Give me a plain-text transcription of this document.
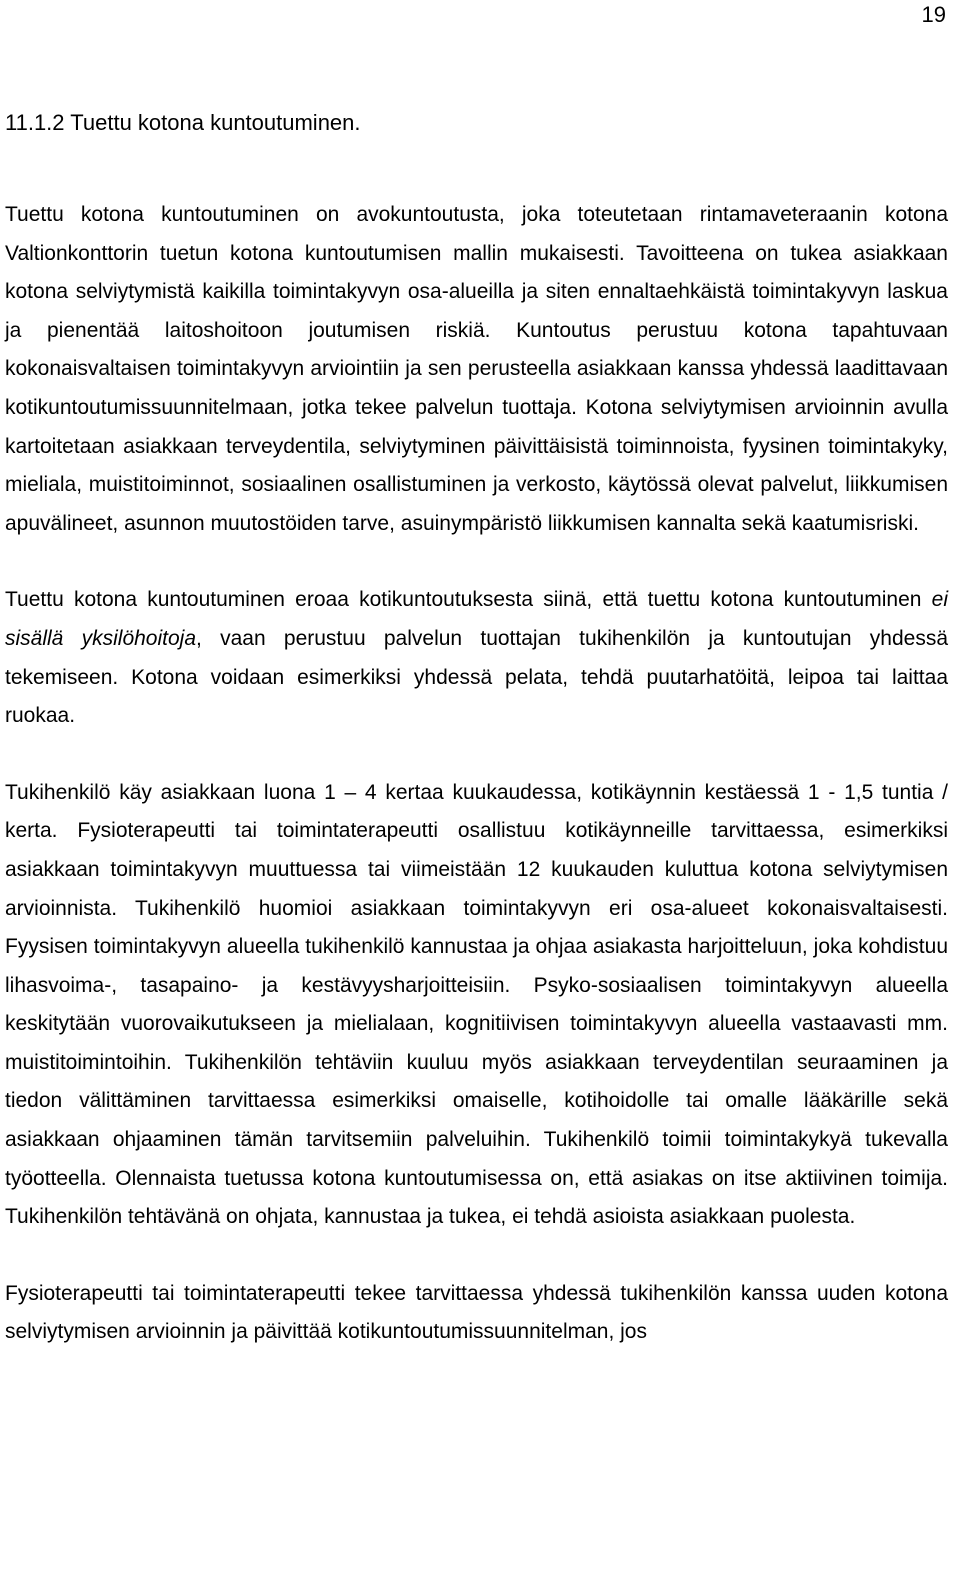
19
11.1.2 Tuettu kotona kuntoutuminen.

Tuettu kotona kuntoutuminen on avokuntoutusta, joka toteutetaan rintamaveteraanin kotona Valtionkonttorin tuetun kotona kuntoutumisen mallin mukaisesti. Tavoitteena on tukea asiakkaan kotona selviytymistä kaikilla toimintakyvyn osa-alueilla ja siten ennaltaehkäistä toimintakyvyn laskua ja pienentää laitoshoitoon joutumisen riskiä. Kuntoutus perustuu kotona tapahtuvaan kokonaisvaltaisen toimintakyvyn arviointiin ja sen perusteella asiakkaan kanssa yhdessä laadittavaan kotikuntoutumissuunnitelmaan, jotka tekee palvelun tuottaja. Kotona selviytymisen arvioinnin avulla kartoitetaan asiakkaan terveydentila, selviytyminen päivittäisistä toiminnoista, fyysinen toimintakyky, mieliala, muistitoiminnot, sosiaalinen osallistuminen ja verkosto, käytössä olevat palvelut, liikkumisen apuvälineet, asunnon muutostöiden tarve, asuinympäristö liikkumisen kannalta sekä kaatumisriski.

Tuettu kotona kuntoutuminen eroaa kotikuntoutuksesta siinä, että tuettu kotona kuntoutuminen ei sisällä yksilöhoitoja, vaan perustuu palvelun tuottajan tukihenkilön ja kuntoutujan yhdessä tekemiseen. Kotona voidaan esimerkiksi yhdessä pelata, tehdä puutarhatöitä, leipoa tai laittaa ruokaa.

Tukihenkilö käy asiakkaan luona 1 – 4 kertaa kuukaudessa, kotikäynnin kestäessä 1 - 1,5 tuntia / kerta. Fysioterapeutti tai toimintaterapeutti osallistuu kotikäynneille tarvittaessa, esimerkiksi asiakkaan toimintakyvyn muuttuessa tai viimeistään 12 kuukauden kuluttua kotona selviytymisen arvioinnista. Tukihenkilö huomioi asiakkaan toimintakyvyn eri osa-alueet kokonaisvaltaisesti. Fyysisen toimintakyvyn alueella tukihenkilö kannustaa ja ohjaa asiakasta harjoitteluun, joka kohdistuu lihasvoima-, tasapaino- ja kestävyysharjoitteisiin. Psyko-sosiaalisen toimintakyvyn alueella keskitytään vuorovaikutukseen ja mielialaan, kognitiivisen toimintakyvyn alueella vastaavasti mm. muistitoimintoihin. Tukihenkilön tehtäviin kuuluu myös asiakkaan terveydentilan seuraaminen ja tiedon välittäminen tarvittaessa esimerkiksi omaiselle, kotihoidolle tai omalle lääkärille sekä asiakkaan ohjaaminen tämän tarvitsemiin palveluihin. Tukihenkilö toimii toimintakykyä tukevalla työotteella. Olennaista tuetussa kotona kuntoutumisessa on, että asiakas on itse aktiivinen toimija. Tukihenkilön tehtävänä on ohjata, kannustaa ja tukea, ei tehdä asioista asiakkaan puolesta.

Fysioterapeutti tai toimintaterapeutti tekee tarvittaessa yhdessä tukihenkilön kanssa uuden kotona selviytymisen arvioinnin ja päivittää kotikuntoutumissuunnitelman, jos
